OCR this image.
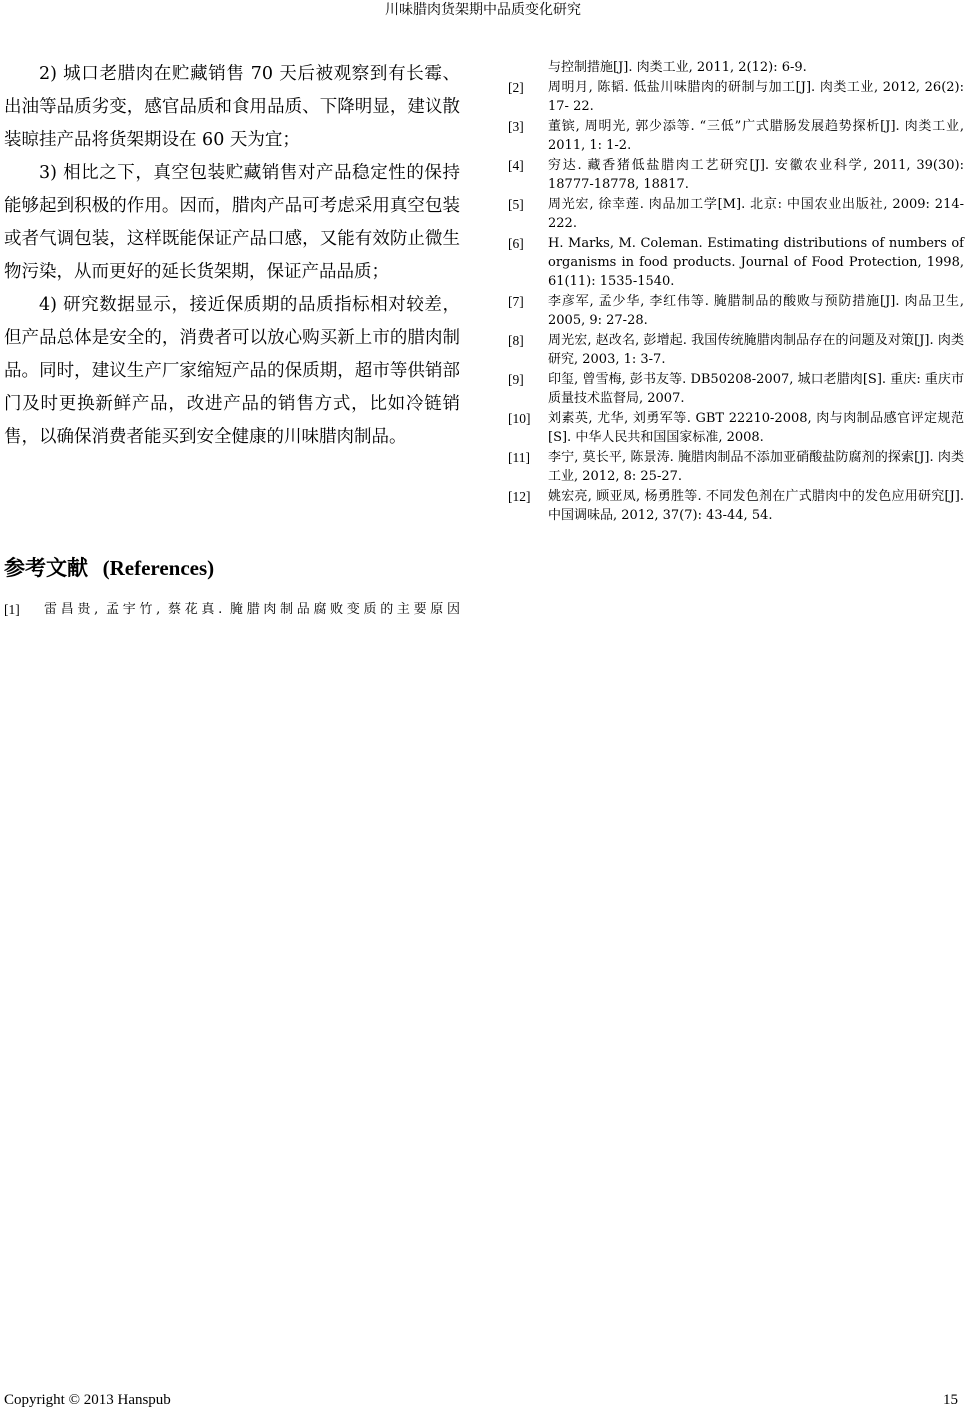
川味腊肉货架期中品质变化研究

2) 城口老腊肉在贮藏销售 70 天后被观察到有长霉、出油等品质劣变，感官品质和食用品质、下降明显，建议散装晾挂产品将货架期设在 60 天为宜；

3) 相比之下，真空包装贮藏销售对产品稳定性的保持能够起到积极的作用。因而，腊肉产品可考虑采用真空包装或者气调包装，这样既能保证产品口感，又能有效防止微生物污染，从而更好的延长货架期，保证产品品质；

4) 研究数据显示，接近保质期的品质指标相对较差，但产品总体是安全的，消费者可以放心购买新上市的腊肉制品。同时，建议生产厂家缩短产品的保质期，超市等供销部门及时更换新鲜产品，改进产品的销售方式，比如冷链销售，以确保消费者能买到安全健康的川味腊肉制品。

参考文献 (References)
[1]	雷昌贵, 孟宇竹, 蔡花真. 腌腊肉制品腐败变质的主要原因
与控制措施[J]. 肉类工业, 2011, 2(12): 6-9.
[2]	周明月, 陈韬. 低盐川味腊肉的研制与加工[J]. 肉类工业, 2012, 26(2): 17- 22.
[3]	董镔, 周明光, 郭少添等. “三低”广式腊肠发展趋势探析[J]. 肉类工业, 2011, 1: 1-2.
[4]	穷达. 藏香猪低盐腊肉工艺研究[J]. 安徽农业科学, 2011, 39(30): 18777-18778, 18817.
[5]	周光宏, 徐幸莲. 肉品加工学[M]. 北京: 中国农业出版社, 2009: 214-222.
[6]	H. Marks, M. Coleman. Estimating distributions of numbers of organisms in food products. Journal of Food Protection, 1998, 61(11): 1535-1540.
[7]	李彦军, 孟少华, 李红伟等. 腌腊制品的酸败与预防措施[J]. 肉品卫生, 2005, 9: 27-28.
[8]	周光宏, 赵改名, 彭增起. 我国传统腌腊肉制品存在的问题及对策[J]. 肉类研究, 2003, 1: 3-7.
[9]	印玺, 曾雪梅, 彭书友等. DB50208-2007, 城口老腊肉[S]. 重庆: 重庆市质量技术监督局, 2007.
[10]	刘素英, 尤华, 刘勇军等. GBT 22210-2008, 肉与肉制品感官评定规范[S]. 中华人民共和国国家标准, 2008.
[11]	李宁, 莫长平, 陈景涛. 腌腊肉制品不添加亚硝酸盐防腐剂的探索[J]. 肉类工业, 2012, 8: 25-27.
[12]	姚宏亮, 顾亚凤, 杨勇胜等. 不同发色剂在广式腊肉中的发色应用研究[J]. 中国调味品, 2012, 37(7): 43-44, 54.
Copyright © 2013 Hanspub	15
